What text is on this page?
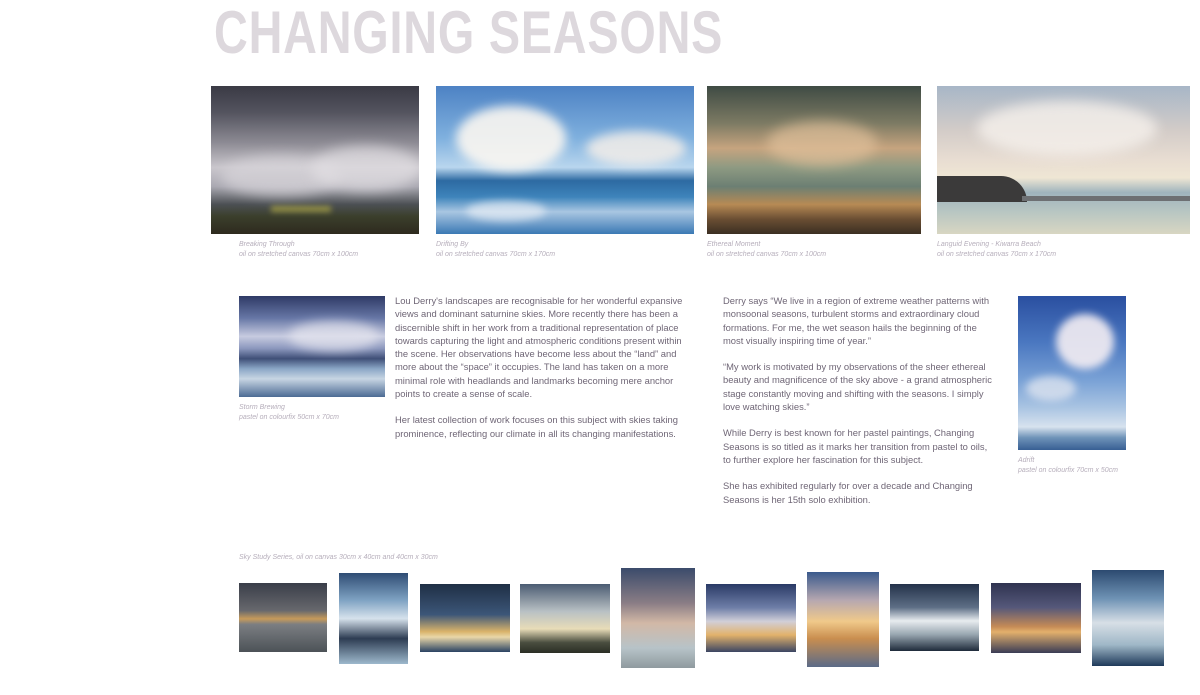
CHANGING SEASONS
Breaking Through
oil on stretched canvas 70cm x 100cm
Drifting By
oil on stretched canvas 70cm x 170cm
Ethereal Moment
oil on stretched canvas 70cm x 100cm
Languid Evening - Kiwarra Beach
oil on stretched canvas 70cm x 170cm
Storm Brewing
pastel on colourfix 50cm x 70cm

Lou Derry's landscapes are recognisable for her wonderful expansive views and dominant saturnine skies. More recently there has been a discernible shift in her work from a traditional representation of place towards capturing the light and atmospheric conditions present within the scene. Her observations have become less about the “land” and more about the “space” it occupies. The land has taken on a more minimal role with headlands and landmarks becoming mere anchor points to create a sense of scale.

Her latest collection of work focuses on this subject with skies taking prominence, reflecting our climate in all its changing manifestations.

Derry says “We live in a region of extreme weather patterns with monsoonal seasons, turbulent storms and extraordinary cloud formations. For me, the wet season hails the beginning of the most visually inspiring time of year.”

“My work is motivated by my observations of the sheer ethereal beauty and magnificence of the sky above - a grand atmospheric stage constantly moving and shifting with the seasons. I simply love watching skies.”

While Derry is best known for her pastel paintings, Changing Seasons is so titled as it marks her transition from pastel to oils, to further explore her fascination for this subject.

She has exhibited regularly for over a decade and Changing Seasons is her 15th solo exhibition.

Adrift
pastel on colourfix 70cm x 50cm
Sky Study Series, oil on canvas 30cm x 40cm and 40cm x 30cm
